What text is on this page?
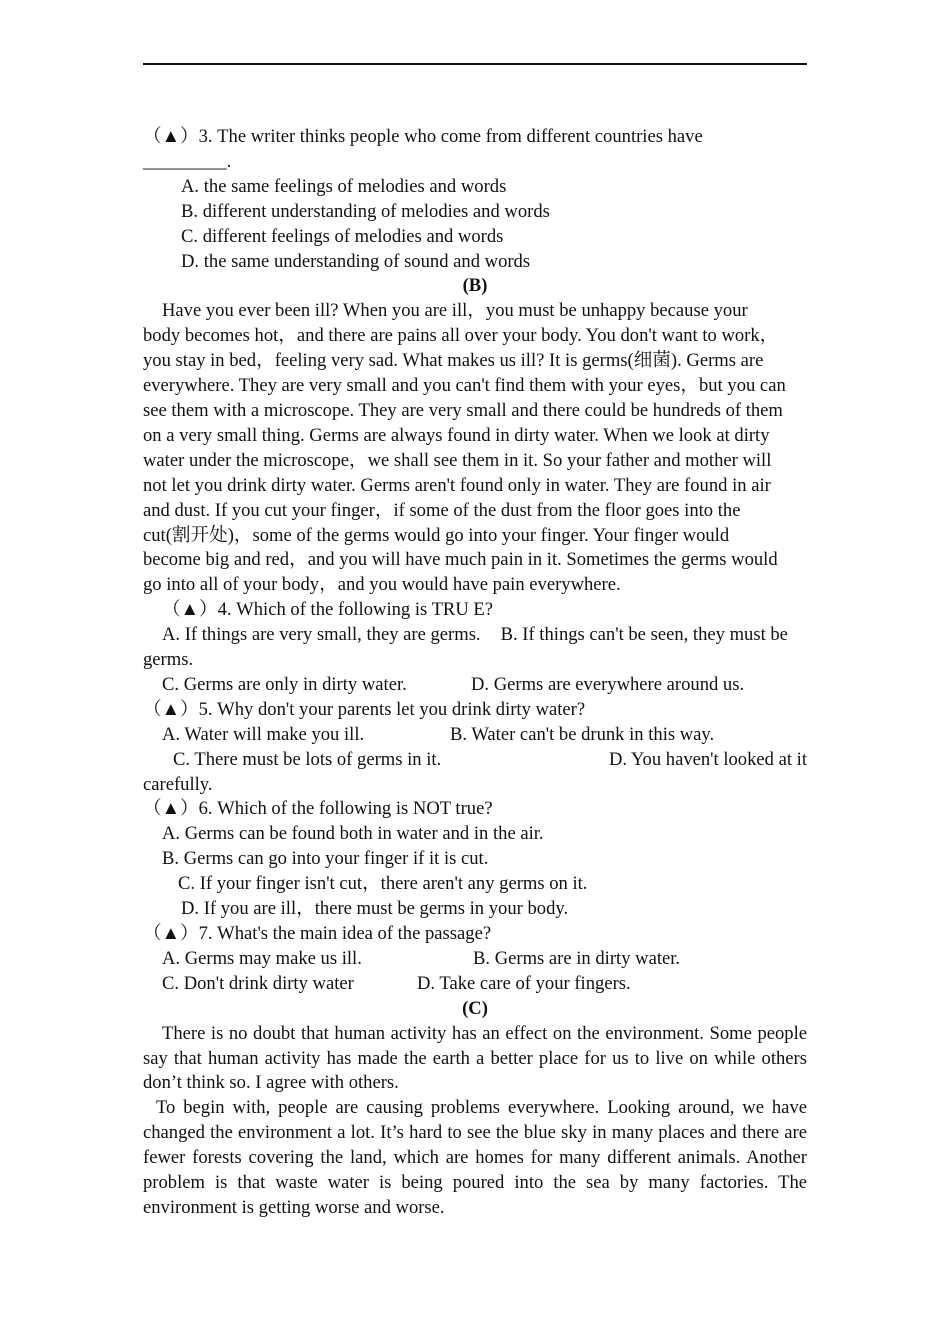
（▲）3. The writer thinks people who come from different countries have
_________.
A. the same feelings of melodies and words
B. different understanding of melodies and words
C. different feelings of melodies and words
D. the same understanding of sound and words
(B)
Have you ever been ill? When you are ill，you must be unhappy because your
body becomes hot，and there are pains all over your body. You don't want to work，
you stay in bed，feeling very sad. What makes us ill? It is germs(细菌). Germs are
everywhere. They are very small and you can't find them with your eyes，but you can
see them with a microscope. They are very small and there could be hundreds of them
on a very small thing. Germs are always found in dirty water. When we look at dirty
water under the microscope，we shall see them in it. So your father and mother will
not let you drink dirty water. Germs aren't found only in water. They are found in air
and dust. If you cut your finger，if some of the dust from the floor goes into the
cut(割开处)，some of the germs would go into your finger. Your finger would
become big and red，and you will have much pain in it. Sometimes the germs would
go into all of your body，and you would have pain everywhere.
（▲）4. Which of the following is TRU E?
A. If things are very small, they are germs. B. If things can't be seen, they must be
germs.
C. Germs are only in dirty water.	D. Germs are everywhere around us.
（▲）5. Why don't your parents let you drink dirty water?
A. Water will make you ill.	B. Water can't be drunk in this way.
C. There must be lots of germs in it.	D. You haven't looked at it
carefully.
（▲）6. Which of the following is NOT true?
A. Germs can be found both in water and in the air.
B. Germs can go into your finger if it is cut.
C. If your finger isn't cut，there aren't any germs on it.
D. If you are ill，there must be germs in your body.
（▲）7. What's the main idea of the passage?
A. Germs may make us ill.	B. Germs are in dirty water.
C. Don't drink dirty water	D. Take care of your fingers.
(C)
There is no doubt that human activity has an effect on the environment. Some people say that human activity has made the earth a better place for us to live on while others don’t think so. I agree with others.
To begin with, people are causing problems everywhere. Looking around, we have changed the environment a lot. It’s hard to see the blue sky in many places and there are fewer forests covering the land, which are homes for many different animals. Another problem is that waste water is being poured into the sea by many factories. The environment is getting worse and worse.
